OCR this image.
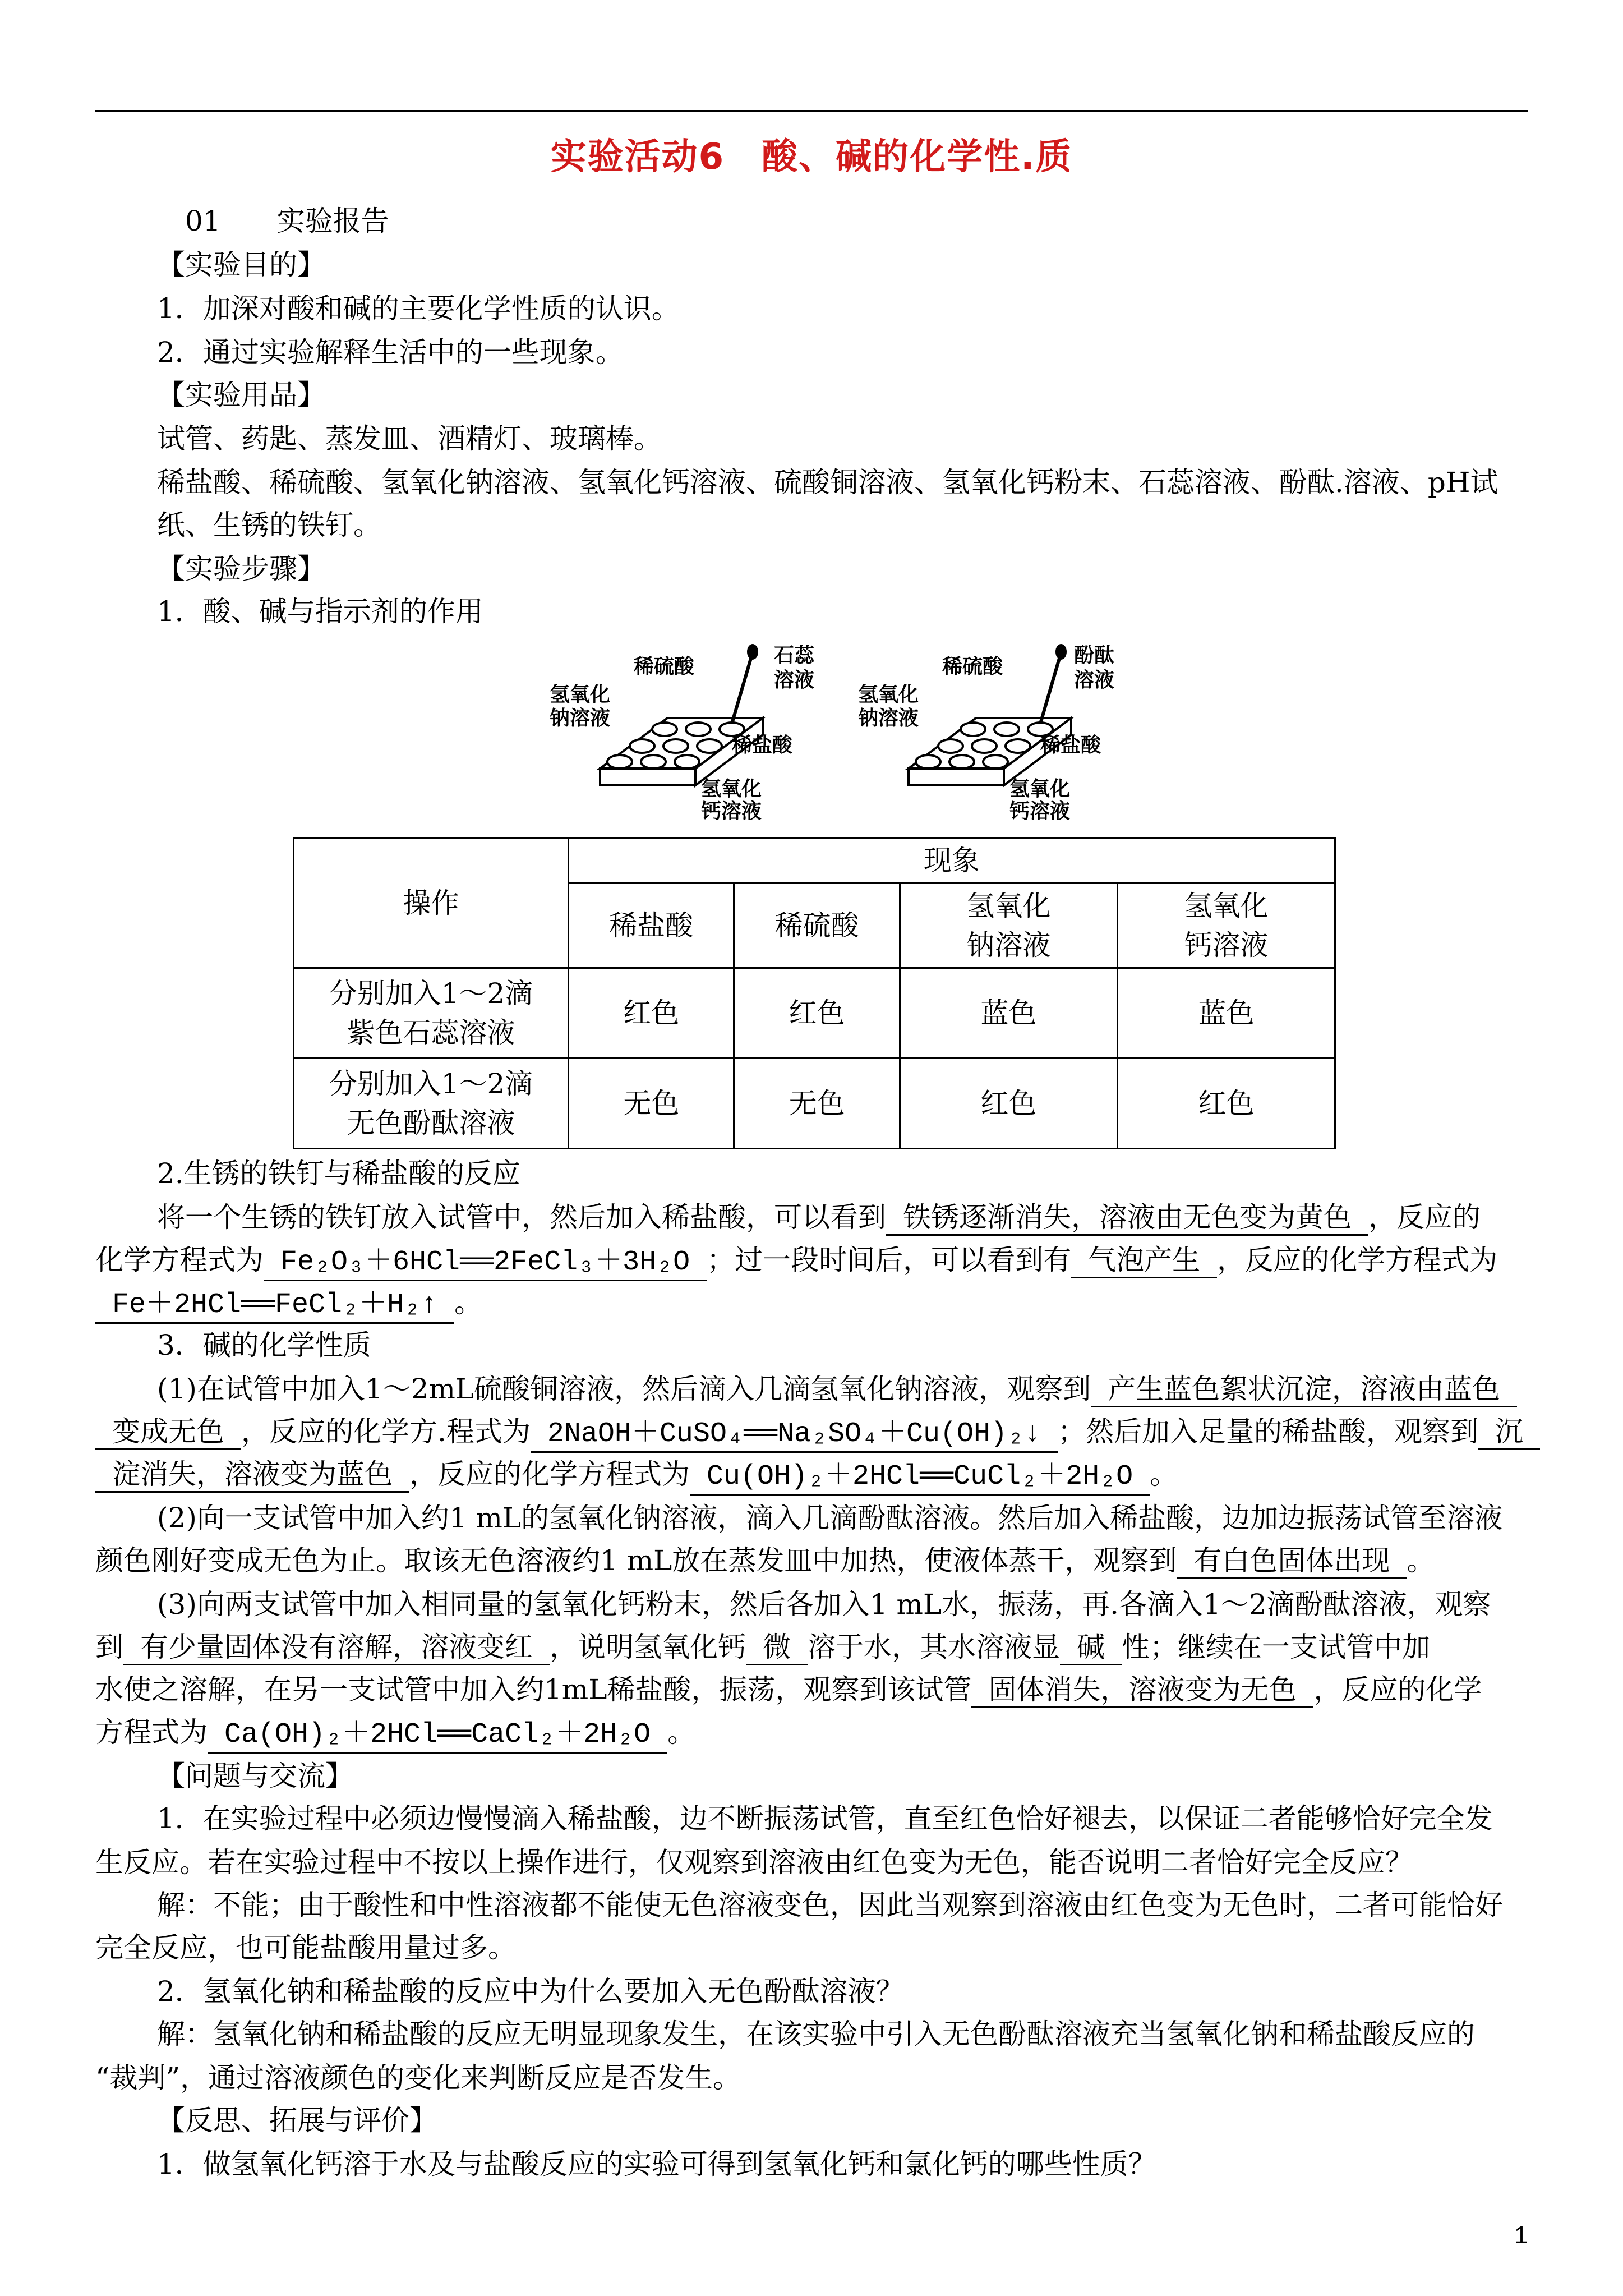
实验活动6　酸、碱的化学性.质
01　　实验报告
【实验目的】
1．加深对酸和碱的主要化学性质的认识。
2．通过实验解释生活中的一些现象。
【实验用品】
试管、药匙、蒸发皿、酒精灯、玻璃棒。
稀盐酸、稀硫酸、氢氧化钠溶液、氢氧化钙溶液、硫酸铜溶液、氢氧化钙粉末、石蕊溶液、酚酞.溶液、pH试
纸、生锈的铁钉。
【实验步骤】
1．酸、碱与指示剂的作用
稀硫酸	石蕊
溶液
氢氧化
钠溶液
稀盐酸
氢氧化
钙溶液
稀硫酸	酚酞
溶液
氢氧化
钠溶液
稀盐酸
氢氧化
钙溶液
操作	现象			
	稀盐酸	稀硫酸	氢氧化
钠溶液	氢氧化
钙溶液
分别加入1～2滴
紫色石蕊溶液	红色	红色	蓝色	蓝色
分别加入1～2滴
无色酚酞溶液	无色	无色	红色	红色
2.生锈的铁钉与稀盐酸的反应
将一个生锈的铁钉放入试管中，然后加入稀盐酸，可以看到 铁锈逐渐消失，溶液由无色变为黄色 ，反应的
化学方程式为 Fe₂O₃＋6HCl══2FeCl₃＋3H₂O ；过一段时间后，可以看到有 气泡产生 ，反应的化学方程式为
Fe＋2HCl══FeCl₂＋H₂↑ 。
3．碱的化学性质
(1)在试管中加入1～2mL硫酸铜溶液，然后滴入几滴氢氧化钠溶液，观察到 产生蓝色絮状沉淀，溶液由蓝色
变成无色 ，反应的化学方.程式为 2NaOH＋CuSO₄══Na₂SO₄＋Cu(OH)₂↓ ；然后加入足量的稀盐酸，观察到 沉
淀消失，溶液变为蓝色 ，反应的化学方程式为 Cu(OH)₂＋2HCl══CuCl₂＋2H₂O 。
(2)向一支试管中加入约1 mL的氢氧化钠溶液，滴入几滴酚酞溶液。然后加入稀盐酸，边加边振荡试管至溶液
颜色刚好变成无色为止。取该无色溶液约1 mL放在蒸发皿中加热，使液体蒸干，观察到 有白色固体出现 。
(3)向两支试管中加入相同量的氢氧化钙粉末，然后各加入1 mL水，振荡，再.各滴入1～2滴酚酞溶液，观察
到 有少量固体没有溶解，溶液变红 ，说明氢氧化钙 微 溶于水，其水溶液显 碱 性；继续在一支试管中加
水使之溶解，在另一支试管中加入约1mL稀盐酸，振荡，观察到该试管 固体消失，溶液变为无色 ，反应的化学
方程式为 Ca(OH)₂＋2HCl══CaCl₂＋2H₂O 。
【问题与交流】
1．在实验过程中必须边慢慢滴入稀盐酸，边不断振荡试管，直至红色恰好褪去，以保证二者能够恰好完全发
生反应。若在实验过程中不按以上操作进行，仅观察到溶液由红色变为无色，能否说明二者恰好完全反应？
解：不能；由于酸性和中性溶液都不能使无色溶液变色，因此当观察到溶液由红色变为无色时，二者可能恰好
完全反应，也可能盐酸用量过多。
2．氢氧化钠和稀盐酸的反应中为什么要加入无色酚酞溶液？
解：氢氧化钠和稀盐酸的反应无明显现象发生，在该实验中引入无色酚酞溶液充当氢氧化钠和稀盐酸反应的
“裁判”，通过溶液颜色的变化来判断反应是否发生。
【反思、拓展与评价】
1．做氢氧化钙溶于水及与盐酸反应的实验可得到氢氧化钙和氯化钙的哪些性质？
1
